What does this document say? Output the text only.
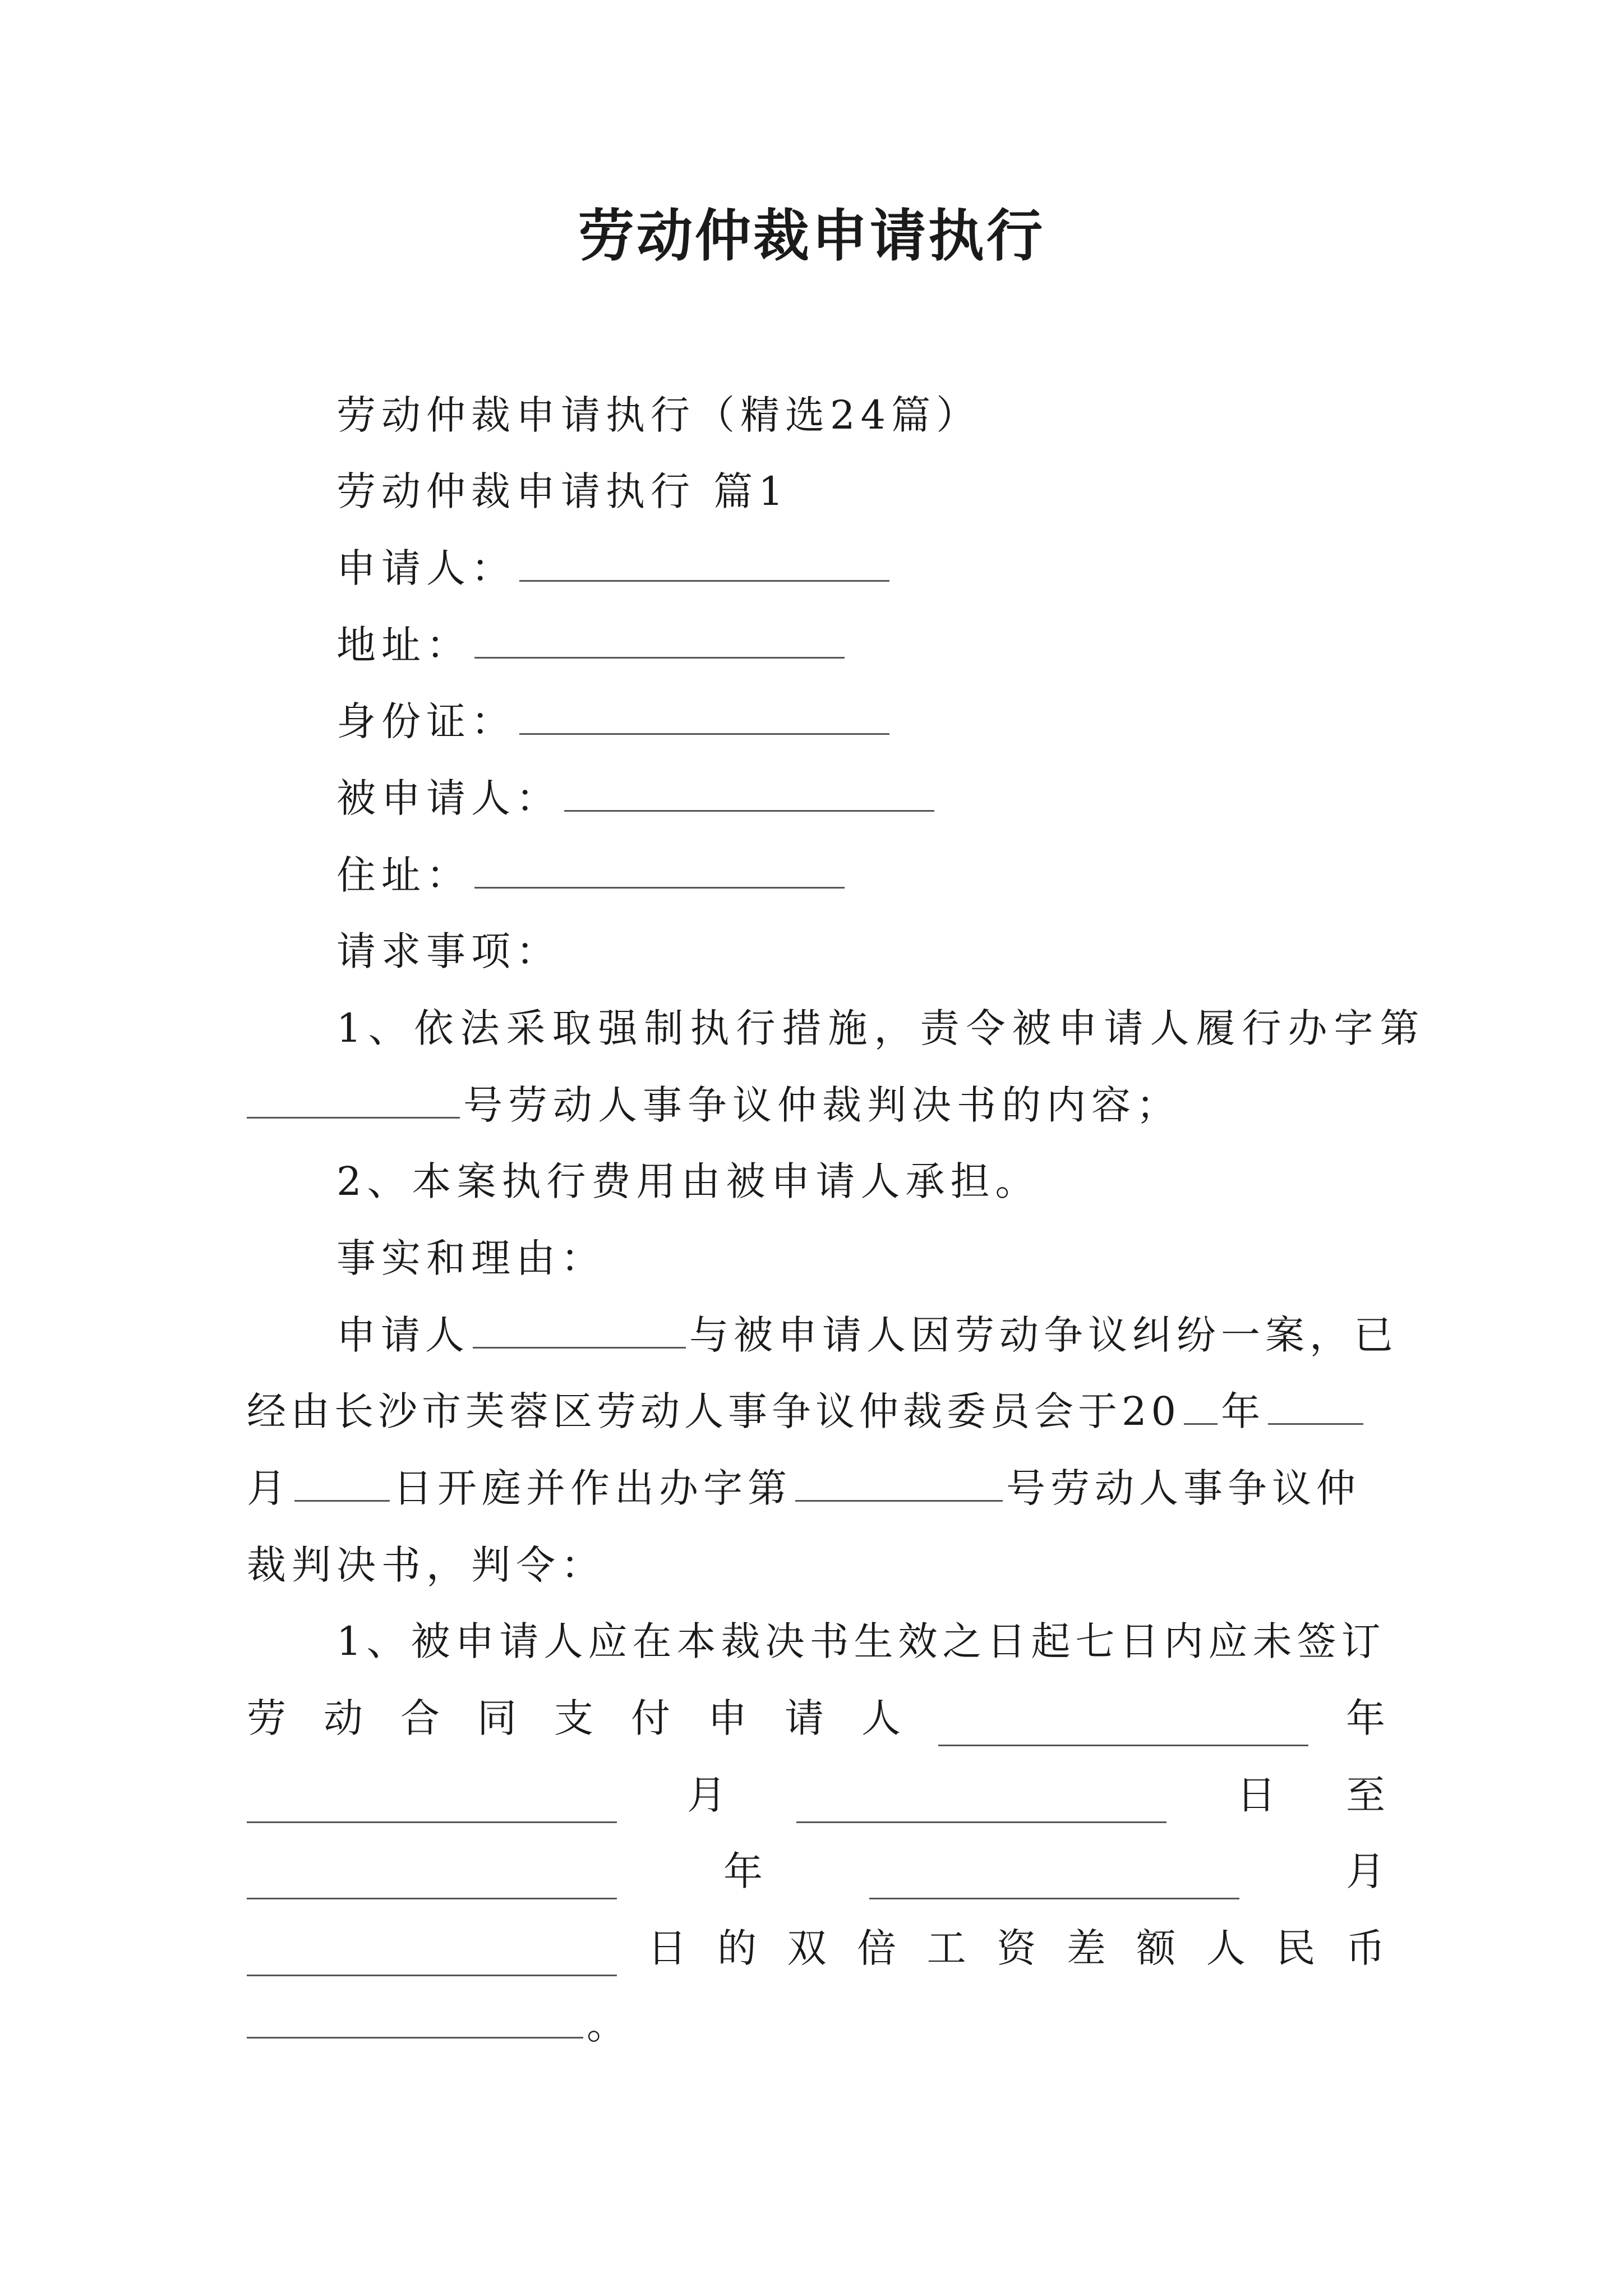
劳动仲裁申请执行
劳动仲裁申请执行（精选24篇）
劳动仲裁申请执行 篇1
申请人：
地址：
身份证：
被申请人：
住址：
请求事项：
1、依法采取强制执行措施，责令被申请人履行办字第
号劳动人事争议仲裁判决书的内容；
2、本案执行费用由被申请人承担。
事实和理由：
申请人	与被申请人因劳动争议纠纷一案，已
经由长沙市芙蓉区劳动人事争议仲裁委员会于20 年
月	日开庭并作出办字第	号劳动人事争议仲
裁判决书，判令：
1、被申请人应在本裁决书生效之日起七日内应未签订
劳 动 合 同 支 付 申 请 人	年
月	日 至
年	月
日 的 双 倍 工 资 差 额 人 民 币
。
